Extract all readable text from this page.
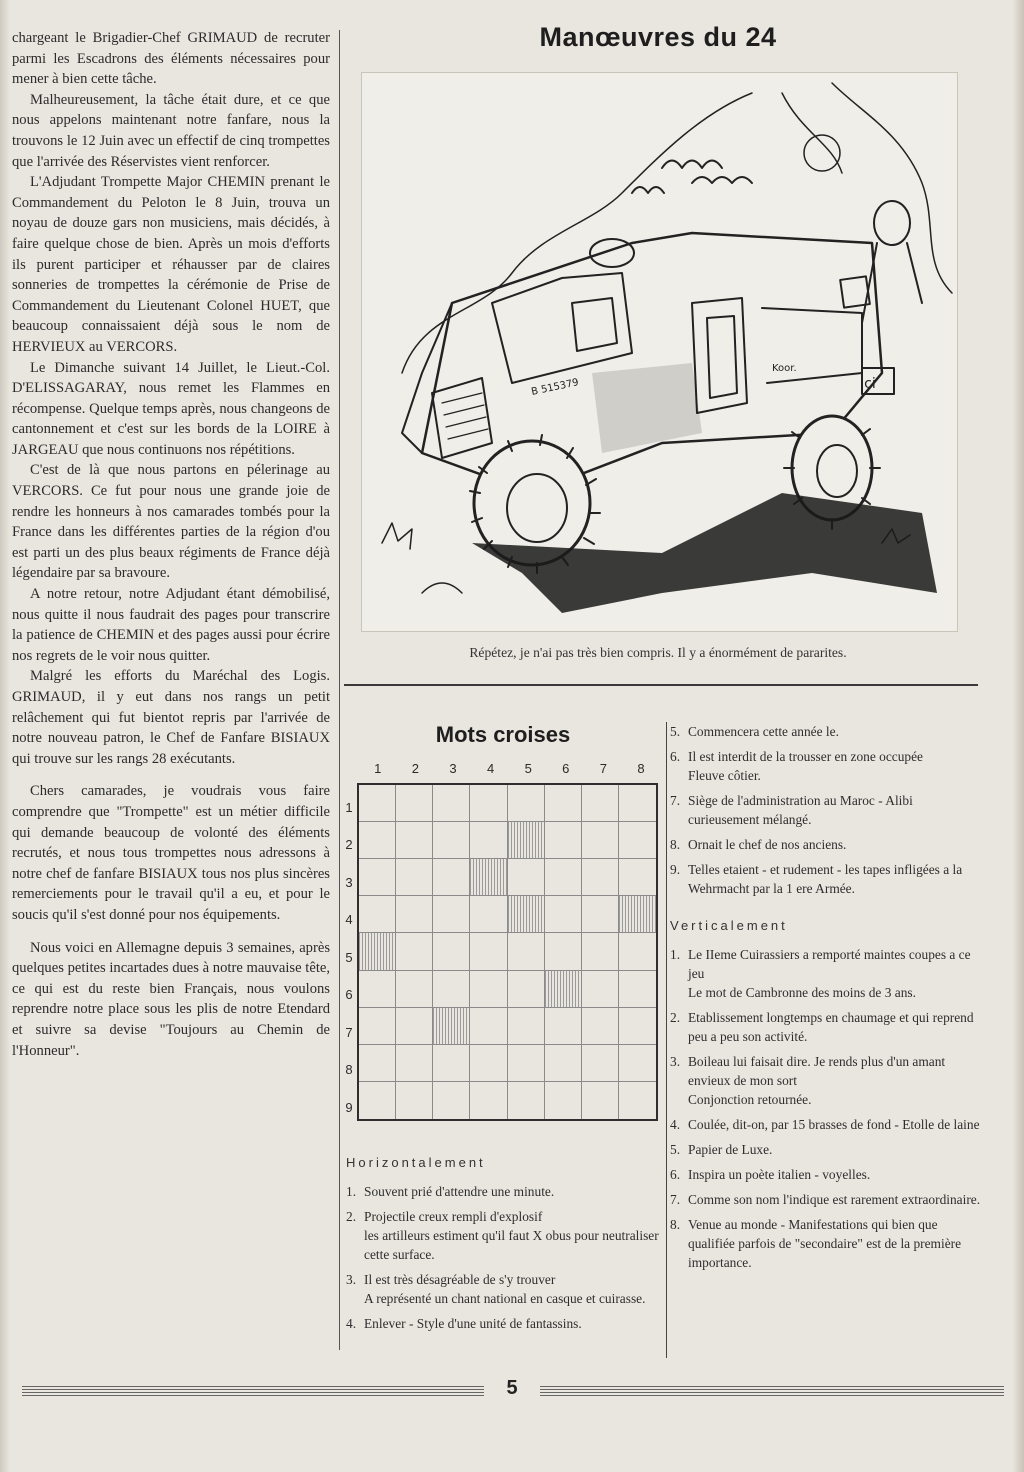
chargeant le Brigadier-Chef GRIMAUD de recruter parmi les Escadrons des éléments nécessaires pour mener à bien cette tâche.

Malheureusement, la tâche était dure, et ce que nous appelons maintenant notre fanfare, nous la trouvons le 12 Juin avec un effectif de cinq trompettes que l'arrivée des Réservistes vient renforcer.

L'Adjudant Trompette Major CHEMIN prenant le Commandement du Peloton le 8 Juin, trouva un noyau de douze gars non musiciens, mais décidés, à faire quelque chose de bien. Après un mois d'efforts ils purent participer et réhausser par de claires sonneries de trompettes la cérémonie de Prise de Commandement du Lieutenant Colonel HUET, que beaucoup connaissaient déjà sous le nom de HERVIEUX au VERCORS.

Le Dimanche suivant 14 Juillet, le Lieut.-Col. D'ELISSAGARAY, nous remet les Flammes en récompense. Quelque temps après, nous changeons de cantonnement et c'est sur les bords de la LOIRE à JARGEAU que nous continuons nos répétitions.

C'est de là que nous partons en pélerinage au VERCORS. Ce fut pour nous une grande joie de rendre les honneurs à nos camarades tombés pour la France dans les différentes parties de la région d'ou est parti un des plus beaux régiments de France déjà légendaire par sa bravoure.

A notre retour, notre Adjudant étant démobilisé, nous quitte il nous faudrait des pages pour transcrire la patience de CHEMIN et des pages aussi pour écrire nos regrets de le voir nous quitter.

Malgré les efforts du Maréchal des Logis. GRIMAUD, il y eut dans nos rangs un petit relâchement qui fut bientot repris par l'arrivée de notre nouveau patron, le Chef de Fanfare BISIAUX qui trouve sur les rangs 28 exécutants.

Chers camarades, je voudrais vous faire comprendre que "Trompette" est un métier difficile qui demande beaucoup de volonté des éléments recrutés, et nous tous trompettes nous adressons à notre chef de fanfare BISIAUX tous nos plus sincères remerciements pour le travail qu'il a eu, et pour le soucis qu'il s'est donné pour nos équipements.

Nous voici en Allemagne depuis 3 semaines, après quelques petites incartades dues à notre mauvaise tête, ce qui est du reste bien Français, nous voulons reprendre notre place sous les plis de notre Etendard et suivre sa devise "Toujours au Chemin de l'Honneur".

Manœuvres du 24
Ici
B 515379
Koor.
Répétez, je n'ai pas très bien compris. Il y a énormément de pararites.
Mots croises
1	2	3	4	5	6	7	8
1
2
3
4
5
6
7
8
9
Horizontalement
1. Souvent prié d'attendre une minute.
2. Projectile creux rempli d'explosif
les artilleurs estiment qu'il faut X obus pour neutraliser cette surface.
3. Il est très désagréable de s'y trouver
A représenté un chant national en casque et cuirasse.
4. Enlever - Style d'une unité de fantassins.
5. Commencera cette année le.
6. Il est interdit de la trousser en zone occupée
Fleuve côtier.
7. Siège de l'administration au Maroc - Alibi curieusement mélangé.
8. Ornait le chef de nos anciens.
9. Telles etaient - et rudement - les tapes infligées a la Wehrmacht par la 1 ere Armée.
Verticalement
1. Le IIeme Cuirassiers a remporté maintes coupes a ce jeu
Le mot de Cambronne des moins de 3 ans.
2. Etablissement longtemps en chaumage et qui reprend peu a peu son activité.
3. Boileau lui faisait dire. Je rends plus d'un amant envieux de mon sort
Conjonction retournée.
4. Coulée, dit-on, par 15 brasses de fond - Etolle de laine
5. Papier de Luxe.
6. Inspira un poète italien - voyelles.
7. Comme son nom l'indique est rarement extraordinaire.
8. Venue au monde - Manifestations qui bien que qualifiée parfois de "secondaire" est de la première importance.
5
